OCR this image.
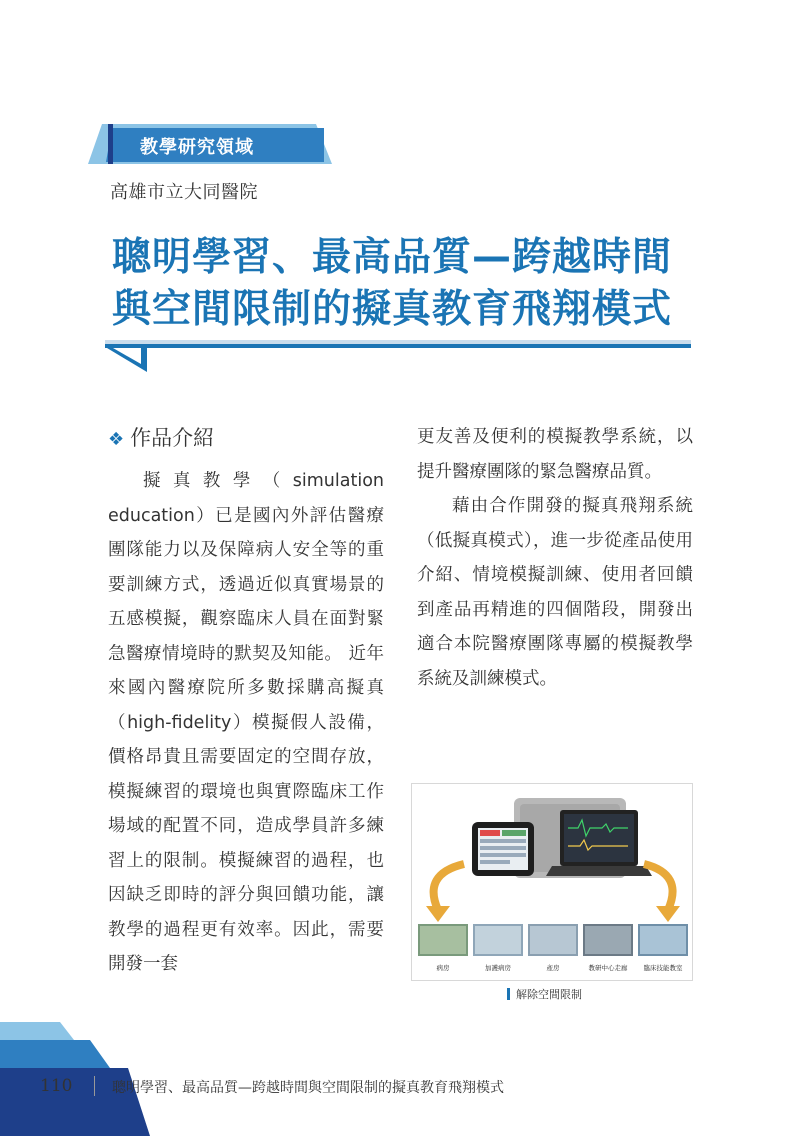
教學研究領域
高雄市立大同醫院
聰明學習、最高品質—跨越時間
與空間限制的擬真教育飛翔模式
❖ 作品介紹

擬真教學（simulation education）已是國內外評估醫療團隊能力以及保障病人安全等的重要訓練方式，透過近似真實場景的五感模擬，觀察臨床人員在面對緊急醫療情境時的默契及知能。 近年來國內醫療院所多數採購高擬真（high-fidelity）模擬假人設備，價格昂貴且需要固定的空間存放，模擬練習的環境也與實際臨床工作場域的配置不同，造成學員許多練習上的限制。模擬練習的過程，也因缺乏即時的評分與回饋功能，讓教學的過程更有效率。因此，需要開發一套

更友善及便利的模擬教學系統，以提升醫療團隊的緊急醫療品質。

藉由合作開發的擬真飛翔系統（低擬真模式），進一步從產品使用介紹、情境模擬訓練、使用者回饋到產品再精進的四個階段，開發出適合本院醫療團隊專屬的模擬教學系統及訓練模式。

病房	加護病房	產房	教研中心走廊 臨床技能教室
解除空間限制
110	聰明學習、最高品質—跨越時間與空間限制的擬真教育飛翔模式
